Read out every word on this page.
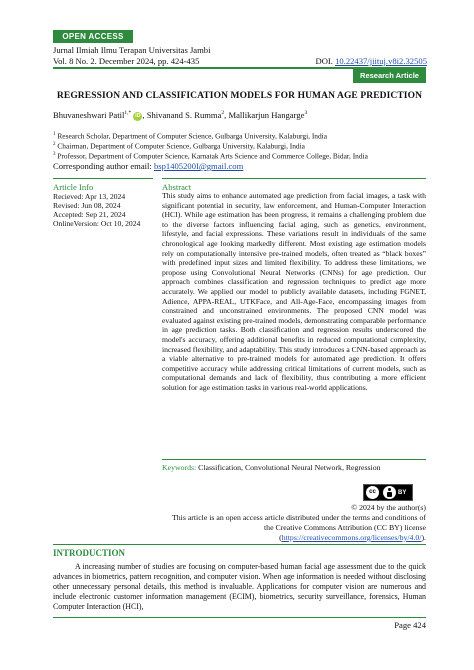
OPEN ACCESS
Jurnal Ilmiah Ilmu Terapan Universitas Jambi
Vol. 8 No. 2. December 2024, pp. 424-435	DOI. 10.22437/jiituj.v8i2.32505
Research Article
REGRESSION AND CLASSIFICATION MODELS FOR HUMAN AGE PREDICTION
Bhuvaneshwari Patil$^{1,*}$ iD , Shivanand S. Rumma$^2$, Mallikarjun Hangarge$^3$
$^1$ Research Scholar, Department of Computer Science, Gulbarga University, Kalaburgi, India
$^2$ Chairman, Department of Computer Science, Gulbarga University, Kalaburgi, India
$^3$ Professor, Department of Computer Science, Karnatak Arts Science and Commerce College, Bidar, India
Corresponding author email: bsp1405200I@gmail.com
Article Info
Recieved: Apr 13, 2024
Revised: Jun 08, 2024
Accepted: Sep 21, 2024
OnlineVersion: Oct 10, 2024
Abstract
This study aims to enhance automated age prediction from facial images, a task with significant potential in security, law enforcement, and Human-Computer Interaction (HCI). While age estimation has been progress, it remains a challenging problem due to the diverse factors influencing facial aging, such as genetics, environment, lifestyle, and facial expressions. These variations result in individuals of the same chronological age looking markedly different. Most existing age estimation models rely on computationally intensive pre-trained models, often treated as “black boxes” with predefined input sizes and limited flexibility. To address these limitations, we propose using Convolutional Neural Networks (CNNs) for age prediction. Our approach combines classification and regression techniques to predict age more accurately. We applied our model to publicly available datasets, including FGNET, Adience, APPA-REAL, UTKFace, and All-Age-Face, encompassing images from constrained and unconstrained environments. The proposed CNN model was evaluated against existing pre-trained models, demonstrating comparable performance in age prediction tasks. Both classification and regression results underscored the model's accuracy, offering additional benefits in reduced computational complexity, increased flexibility, and adaptability. This study introduces a CNN-based approach as a viable alternative to pre-trained models for automated age prediction. It offers competitive accuracy while addressing critical limitations of current models, such as computational demands and lack of flexibility, thus contributing a more efficient solution for age estimation tasks in various real-world applications.
Keywords: Classification, Convolutional Neural Network, Regression
cc	BY
© 2024 by the author(s)
This article is an open access article distributed under the terms and conditions of the Creative Commons Attribution (CC BY) license
(https://creativecommons.org/licenses/by/4.0/).
INTRODUCTION
A increasing number of studies are focusing on computer-based human facial age assessment due to the quick advances in biometrics, pattern recognition, and computer vision. When age information is needed without disclosing other unnecessary personal details, this method is invaluable. Applications for computer vision are numerous and include electronic customer information management (ECIM), biometrics, security surveillance, forensics, Human Computer Interaction (HCI),
Page 424
